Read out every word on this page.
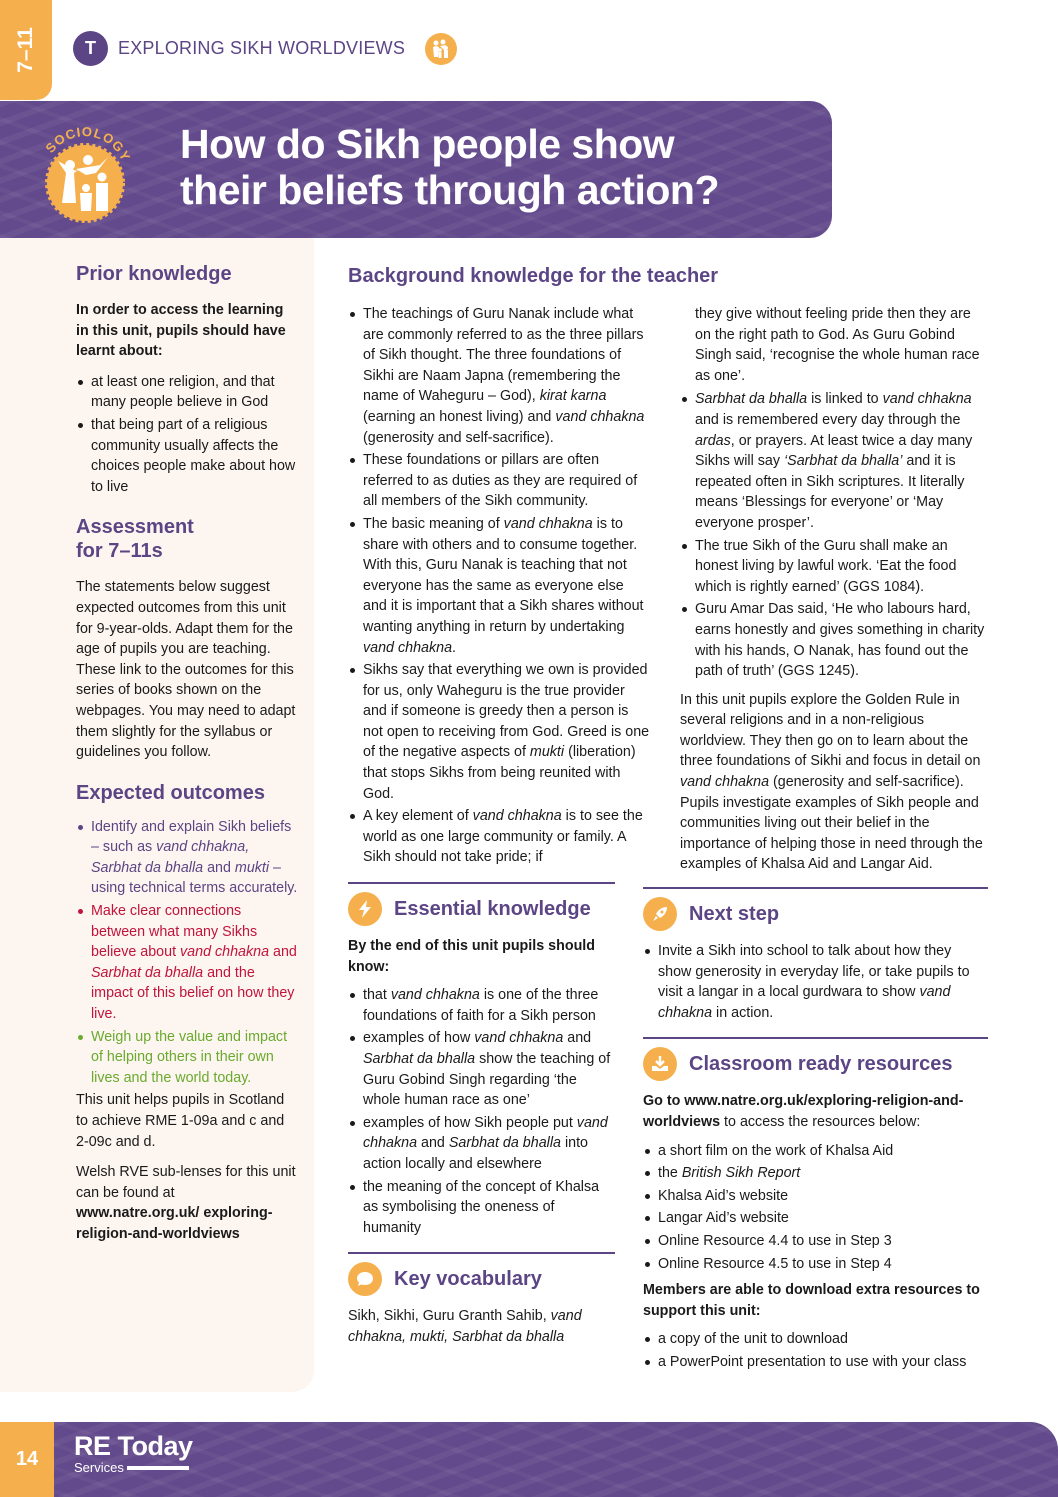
7–11	T EXPLORING SIKH WORLDVIEWS
SOCIOLOGY How do Sikh people show
their beliefs through action?
Prior knowledge

In order to access the learning in this unit, pupils should have learnt about:

at least one religion, and that many people believe in God
that being part of a religious community usually affects the choices people make about how to live
Assessment
for 7–11s

The statements below suggest expected outcomes from this unit for 9-year-olds. Adapt them for the age of pupils you are teaching. These link to the outcomes for this series of books shown on the webpages. You may need to adapt them slightly for the syllabus or guidelines you follow.

Expected outcomes
Identify and explain Sikh beliefs – such as vand chhakna, Sarbhat da bhalla and mukti – using technical terms accurately.
Make clear connections between what many Sikhs believe about vand chhakna and Sarbhat da bhalla and the impact of this belief on how they live.
Weigh up the value and impact of helping others in their own lives and the world today.

This unit helps pupils in Scotland to achieve RME 1-09a and c and 2-09c and d.

Welsh RVE sub-lenses for this unit can be found at

www.natre.org.uk/ exploring-religion-and-worldviews

Background knowledge for the teacher
The teachings of Guru Nanak include what are commonly referred to as the three pillars of Sikh thought. The three foundations of Sikhi are Naam Japna (remembering the name of Waheguru – God), kirat karna (earning an honest living) and vand chhakna (generosity and self-sacrifice).
These foundations or pillars are often referred to as duties as they are required of all members of the Sikh community.
The basic meaning of vand chhakna is to share with others and to consume together. With this, Guru Nanak is teaching that not everyone has the same as everyone else and it is important that a Sikh shares without wanting anything in return by undertaking vand chhakna.
Sikhs say that everything we own is provided for us, only Waheguru is the true provider and if someone is greedy then a person is not open to receiving from God. Greed is one of the negative aspects of mukti (liberation) that stops Sikhs from being reunited with God.
A key element of vand chhakna is to see the world as one large community or family. A Sikh should not take pride; if
Essential knowledge

By the end of this unit pupils should know:

that vand chhakna is one of the three foundations of faith for a Sikh person
examples of how vand chhakna and Sarbhat da bhalla show the teaching of Guru Gobind Singh regarding ‘the whole human race as one’
examples of how Sikh people put vand chhakna and Sarbhat da bhalla into action locally and elsewhere
the meaning of the concept of Khalsa as symbolising the oneness of humanity
Key vocabulary

Sikh, Sikhi, Guru Granth Sahib, vand chhakna, mukti, Sarbhat da bhalla

they give without feeling pride then they are on the right path to God. As Guru Gobind Singh said, ‘recognise the whole human race as one’.

Sarbhat da bhalla is linked to vand chhakna and is remembered every day through the ardas, or prayers. At least twice a day many Sikhs will say ‘Sarbhat da bhalla’ and it is repeated often in Sikh scriptures. It literally means ‘Blessings for everyone’ or ‘May everyone prosper’.
The true Sikh of the Guru shall make an honest living by lawful work. ‘Eat the food which is rightly earned’ (GGS 1084).
Guru Amar Das said, ‘He who labours hard, earns honestly and gives something in charity with his hands, O Nanak, has found out the path of truth’ (GGS 1245).

In this unit pupils explore the Golden Rule in several religions and in a non-religious worldview. They then go on to learn about the three foundations of Sikhi and focus in detail on vand chhakna (generosity and self-sacrifice). Pupils investigate examples of Sikh people and communities living out their belief in the importance of helping those in need through the examples of Khalsa Aid and Langar Aid.

Next step
Invite a Sikh into school to talk about how they show generosity in everyday life, or take pupils to visit a langar in a local gurdwara to show vand chhakna in action.
Classroom ready resources

Go to www.natre.org.uk/exploring-religion-and-worldviews to access the resources below:

a short film on the work of Khalsa Aid
the British Sikh Report
Khalsa Aid’s website
Langar Aid’s website
Online Resource 4.4 to use in Step 3
Online Resource 4.5 to use in Step 4

Members are able to download extra resources to support this unit:

a copy of the unit to download
a PowerPoint presentation to use with your class
14	RE Today
Services
